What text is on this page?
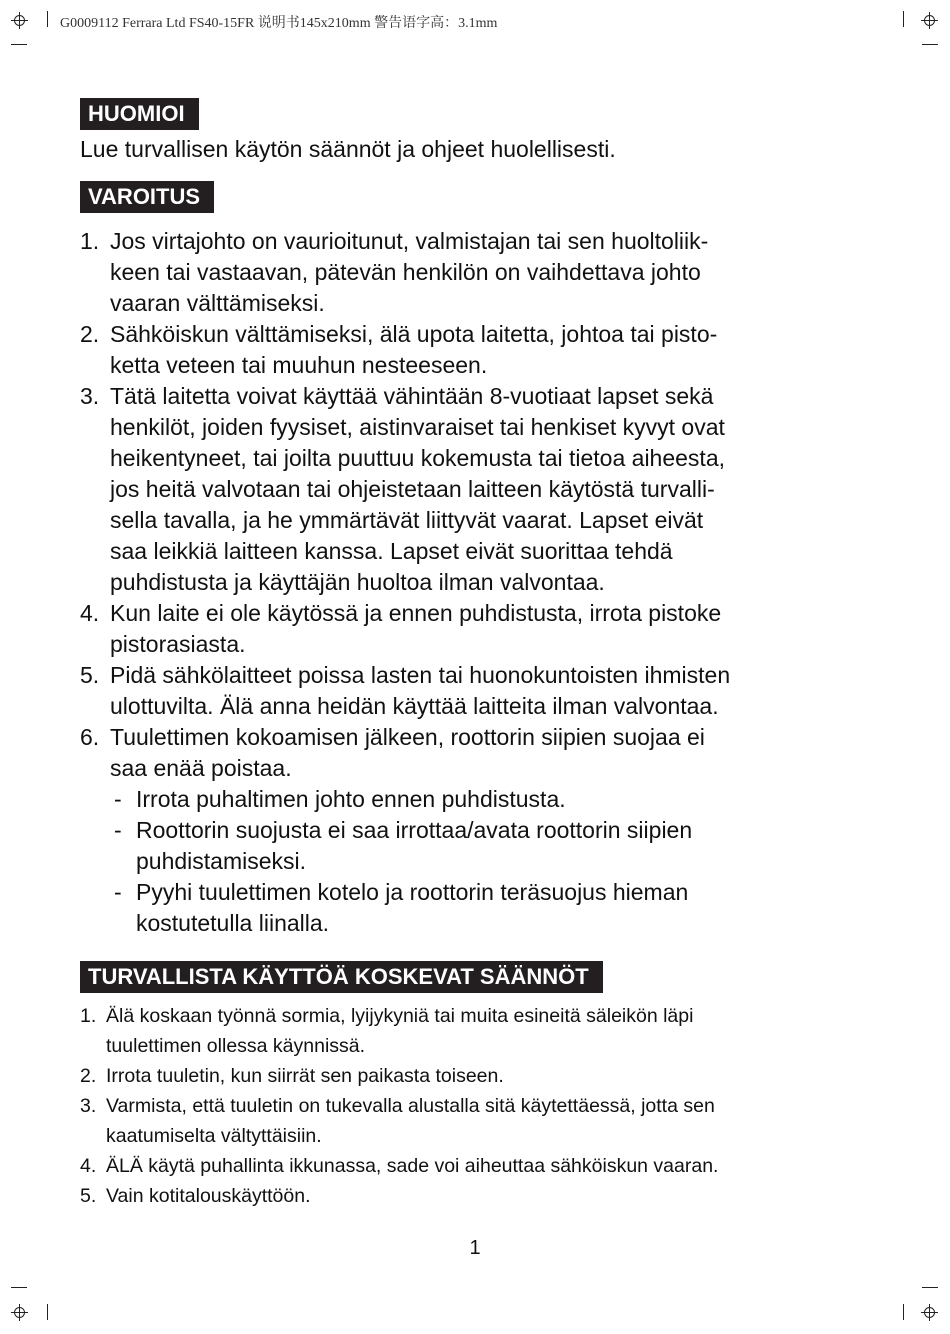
G0009112 Ferrara Ltd FS40-15FR 说明书145x210mm 警告语字高：3.1mm
HUOMIOI
Lue turvallisen käytön säännöt ja ohjeet huolellisesti.
VAROITUS
1. Jos virtajohto on vaurioitunut, valmistajan tai sen huoltoliik-
keen tai vastaavan, pätevän henkilön on vaihdettava johto
vaaran välttämiseksi.
2. Sähköiskun välttämiseksi, älä upota laitetta, johtoa tai pisto-
ketta veteen tai muuhun nesteeseen.
3. Tätä laitetta voivat käyttää vähintään 8-vuotiaat lapset sekä
henkilöt, joiden fyysiset, aistinvaraiset tai henkiset kyvyt ovat
heikentyneet, tai joilta puuttuu kokemusta tai tietoa aiheesta,
jos heitä valvotaan tai ohjeistetaan laitteen käytöstä turvalli-
sella tavalla, ja he ymmärtävät liittyvät vaarat. Lapset eivät
saa leikkiä laitteen kanssa. Lapset eivät suorittaa tehdä
puhdistusta ja käyttäjän huoltoa ilman valvontaa.
4. Kun laite ei ole käytössä ja ennen puhdistusta, irrota pistoke
pistorasiasta.
5. Pidä sähkölaitteet poissa lasten tai huonokuntoisten ihmisten
ulottuvilta. Älä anna heidän käyttää laitteita ilman valvontaa.
6. Tuulettimen kokoamisen jälkeen, roottorin siipien suojaa ei
saa enää poistaa.
- Irrota puhaltimen johto ennen puhdistusta.
- Roottorin suojusta ei saa irrottaa/avata roottorin siipien
puhdistamiseksi.
- Pyyhi tuulettimen kotelo ja roottorin teräsuojus hieman
kostutetulla liinalla.
TURVALLISTA KÄYTTÖÄ KOSKEVAT SÄÄNNÖT
1. Älä koskaan työnnä sormia, lyijykyniä tai muita esineitä säleikön läpi
tuulettimen ollessa käynnissä.
2. Irrota tuuletin, kun siirrät sen paikasta toiseen.
3. Varmista, että tuuletin on tukevalla alustalla sitä käytettäessä, jotta sen
kaatumiselta vältyttäisiin.
4. ÄLÄ käytä puhallinta ikkunassa, sade voi aiheuttaa sähköiskun vaaran.
5. Vain kotitalouskäyttöön.
1
